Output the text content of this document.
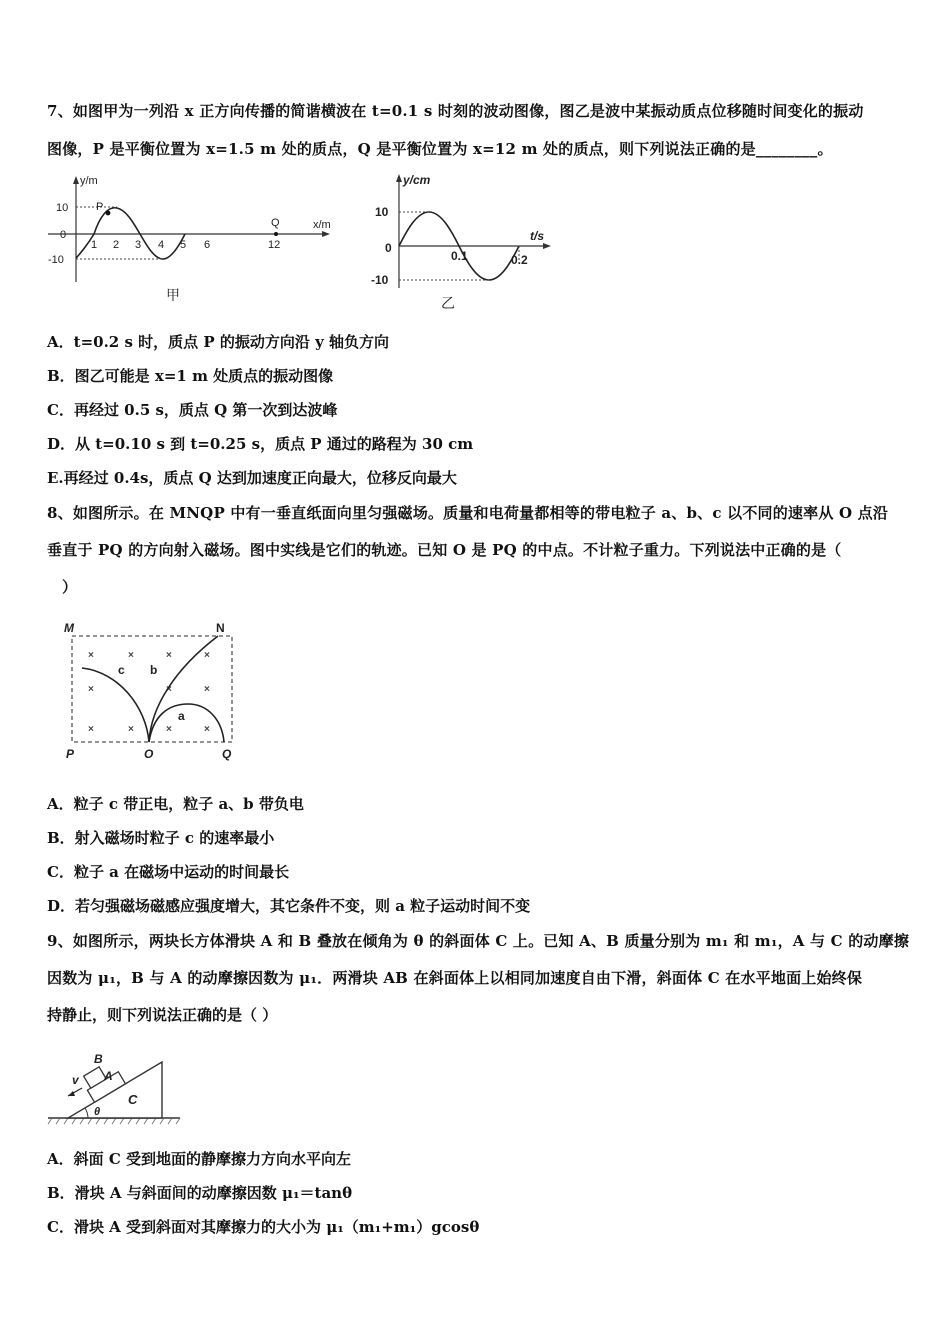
7、如图甲为一列沿 x 正方向传播的简谐横波在 t=0.1 s 时刻的波动图像，图乙是波中某振动质点位移随时间变化的振动
图像，P 是平衡位置为 x=1.5 m 处的质点，Q 是平衡位置为 x=12 m 处的质点，则下列说法正确的是________。
y/m
x/m
10
0
-10
1 2 3 4 5 6	12
P
Q
甲
y/cm
t/s
10
0
-10
0.1	0.2
乙
A．t=0.2 s 时，质点 P 的振动方向沿 y 轴负方向
B．图乙可能是 x=1 m 处质点的振动图像
C．再经过 0.5 s，质点 Q 第一次到达波峰
D．从 t=0.10 s 到 t=0.25 s，质点 P 通过的路程为 30 cm
E.再经过 0.4s，质点 Q 达到加速度正向最大，位移反向最大
8、如图所示。在 MNQP 中有一垂直纸面向里匀强磁场。质量和电荷量都相等的带电粒子 a、b、c 以不同的速率从 O 点沿
垂直于 PQ 的方向射入磁场。图中实线是它们的轨迹。已知 O 是 PQ 的中点。不计粒子重力。下列说法中正确的是（
）
×	×	×	×
×	×	×
×	×	×	×
M	N
P	O	Q
a
b
c
A．粒子 c 带正电，粒子 a、b 带负电
B．射入磁场时粒子 c 的速率最小
C．粒子 a 在磁场中运动的时间最长
D．若匀强磁场磁感应强度增大，其它条件不变，则 a 粒子运动时间不变
9、如图所示，两块长方体滑块 A 和 B 叠放在倾角为 θ 的斜面体 C 上。已知 A、B 质量分别为 m₁ 和 m₁，A 与 C 的动摩擦
因数为 μ₁，B 与 A 的动摩擦因数为 μ₁．两滑块 AB 在斜面体上以相同加速度自由下滑，斜面体 C 在水平地面上始终保
持静止，则下列说法正确的是（ ）
B
A
C
v
θ
A．斜面 C 受到地面的静摩擦力方向水平向左
B．滑块 A 与斜面间的动摩擦因数 μ₁＝tanθ
C．滑块 A 受到斜面对其摩擦力的大小为 μ₁（m₁+m₁）gcosθ
